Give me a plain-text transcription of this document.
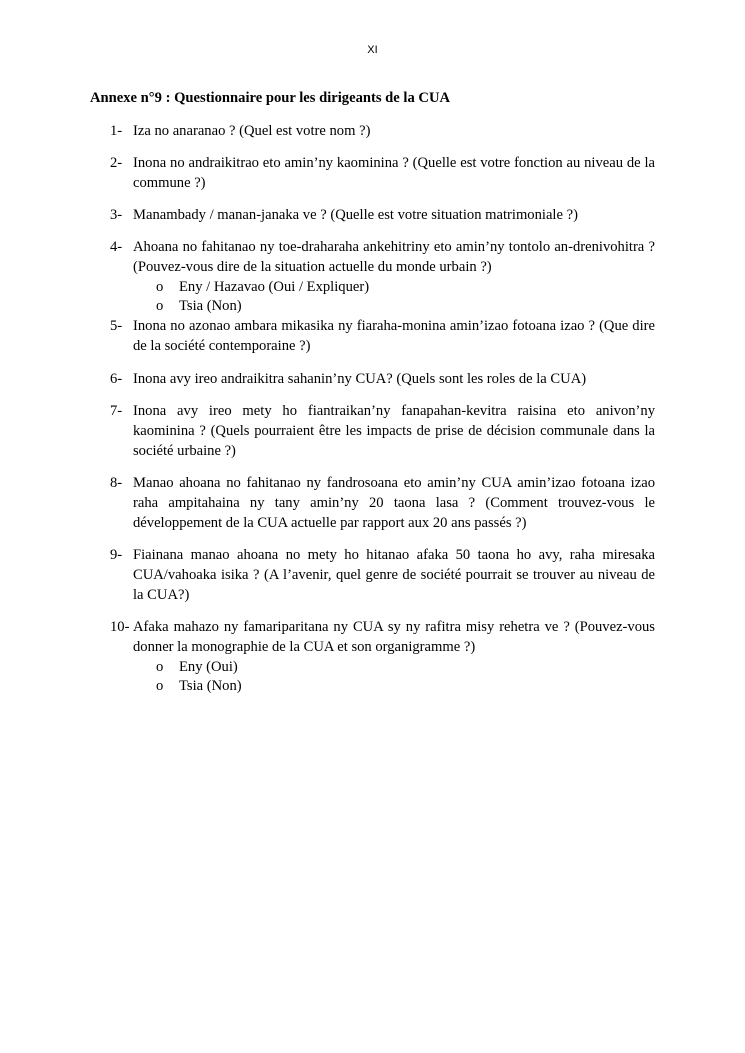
XI
Annexe n°9 : Questionnaire pour les dirigeants de la CUA
1- Iza no anaranao ? (Quel est votre nom ?)
2- Inona no andraikitrao eto amin’ny kaominina ? (Quelle est votre fonction au niveau de la commune ?)
3- Manambady / manan-janaka ve ? (Quelle est votre situation matrimoniale ?)
4- Ahoana no fahitanao ny toe-draharaha ankehitriny eto amin’ny tontolo an-drenivohitra ? (Pouvez-vous dire de la situation actuelle du monde urbain ?)
o Eny / Hazavao (Oui / Expliquer)
o Tsia (Non)
5- Inona no azonao ambara mikasika ny fiaraha-monina amin’izao fotoana izao ? (Que dire de la société contemporaine ?)
6- Inona avy ireo andraikitra sahanin’ny CUA? (Quels sont les roles de la CUA)
7- Inona avy ireo mety ho fiantraikan’ny fanapahan-kevitra raisina eto anivon’ny kaominina ? (Quels pourraient être les impacts de prise de décision communale dans la société urbaine ?)
8- Manao ahoana no fahitanao ny fandrosoana eto amin’ny CUA amin’izao fotoana izao raha ampitahaina ny tany amin’ny 20 taona lasa ? (Comment trouvez-vous le développement de la CUA actuelle par rapport aux 20 ans passés ?)
9- Fiainana manao ahoana no mety ho hitanao afaka 50 taona ho avy, raha miresaka CUA/vahoaka isika ? (A l’avenir, quel genre de société pourrait se trouver au niveau de la CUA?)
10- Afaka mahazo ny famariparitana ny CUA sy ny rafitra misy rehetra ve ? (Pouvez-vous donner la monographie de la CUA et son organigramme ?)
o Eny (Oui)
o Tsia (Non)
